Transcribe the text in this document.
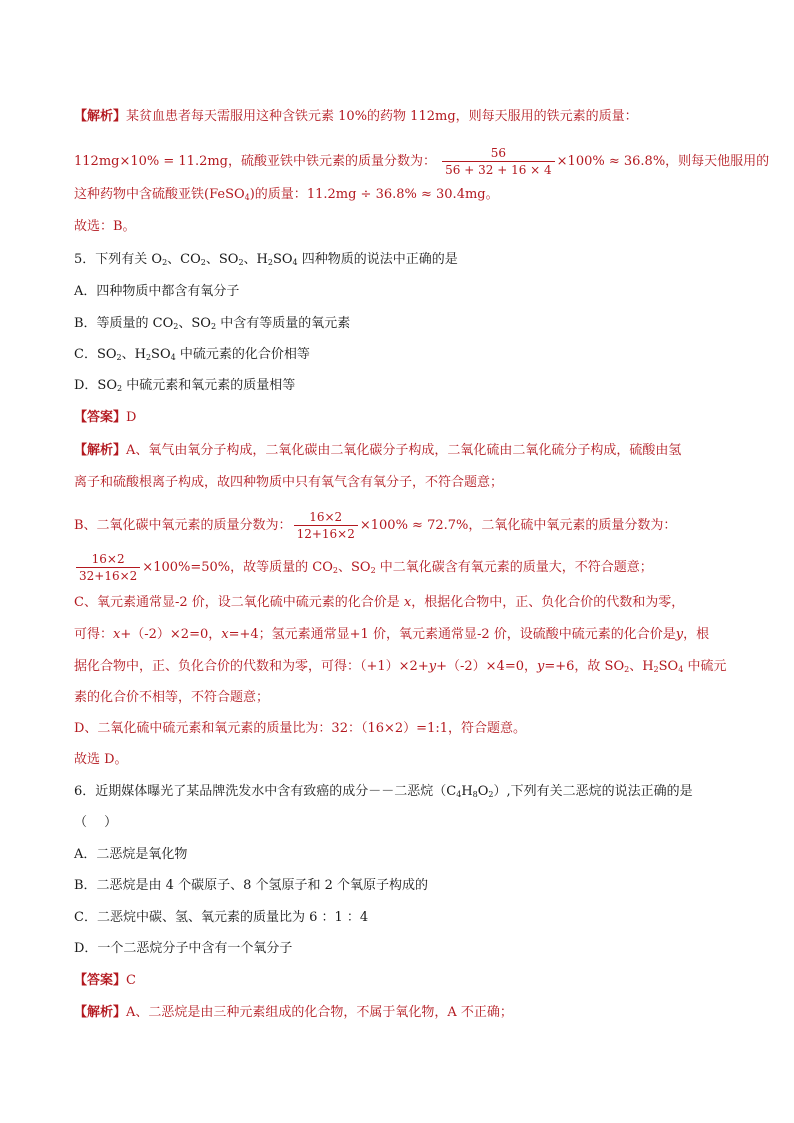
【解析】某贫血患者每天需服用这种含铁元素 10%的药物 112mg，则每天服用的铁元素的质量：
112mg×10% = 11.2mg，硫酸亚铁中铁元素的质量分数为： $\frac{56}{56 + 32 + 16 \times 4} \times 100\% \approx 36.8\%$，则每天他服用的
这种药物中含硫酸亚铁(FeSO$_4$)的质量：11.2mg ÷ 36.8% ≈ 30.4mg。
故选：B。
5．下列有关 $O_2$、$CO_2$、$SO_2$、$H_2SO_4$ 四种物质的说法中正确的是
A．四种物质中都含有氧分子
B．等质量的 $CO_2$、$SO_2$ 中含有等质量的氧元素
C．$SO_2$、$H_2SO_4$ 中硫元素的化合价相等
D．$SO_2$ 中硫元素和氧元素的质量相等
【答案】D
【解析】A、氧气由氧分子构成，二氧化碳由二氧化碳分子构成，二氧化硫由二氧化硫分子构成，硫酸由氢
离子和硫酸根离子构成，故四种物质中只有氧气含有氧分子，不符合题意；
B、二氧化碳中氧元素的质量分数为： $\frac{16\times 2}{12+16\times 2} \times 100\% \approx 72.7\%$，二氧化硫中氧元素的质量分数为：
$\frac{16\times 2}{32+16\times 2} \times 100\%=50\%$，故等质量的 $CO_2$、$SO_2$ 中二氧化碳含有氧元素的质量大，不符合题意；
C、氧元素通常显-2 价，设二氧化硫中硫元素的化合价是 x，根据化合物中，正、负化合价的代数和为零，
可得：x+（-2）×2=0，x=+4；氢元素通常显+1 价，氧元素通常显-2 价，设硫酸中硫元素的化合价是y，根
据化合物中，正、负化合价的代数和为零，可得：（+1）×2+y+（-2）×4=0，y=+6，故 $SO_2$、$H_2SO_4$ 中硫元
素的化合价不相等，不符合题意；
D、二氧化硫中硫元素和氧元素的质量比为：32：（16×2）=1:1，符合题意。
故选 D。
6．近期媒体曝光了某品牌洗发水中含有致癌的成分－－二恶烷$(C_4H_8O_2)$,下列有关二恶烷的说法正确的是
（　 ）
A．二恶烷是氧化物
B．二恶烷是由 4 个碳原子、8 个氢原子和 2 个氧原子构成的
C．二恶烷中碳、氢、氧元素的质量比为 6 ：1 ：4
D．一个二恶烷分子中含有一个氧分子
【答案】C
【解析】A、二恶烷是由三种元素组成的化合物，不属于氧化物，A 不正确；
